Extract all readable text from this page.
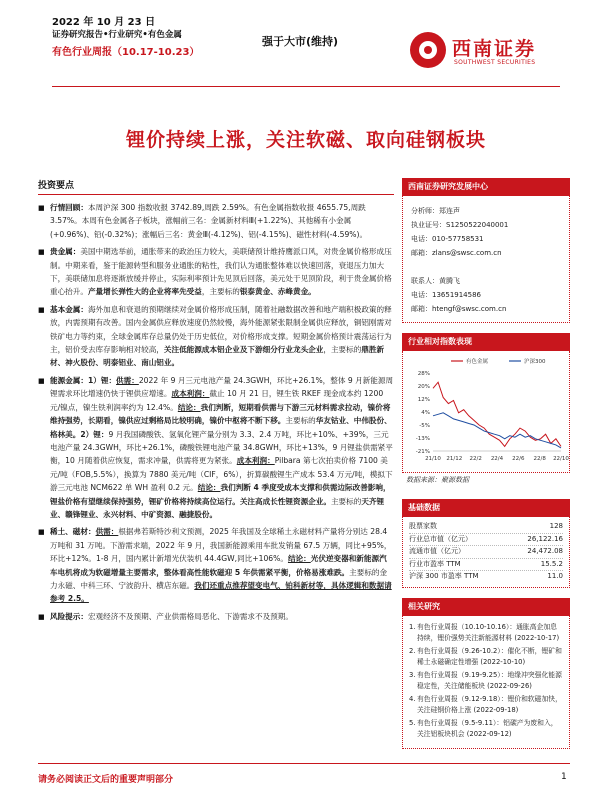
2022 年 10 月 23 日
证券研究报告•行业研究•有色金属
有色行业周报（10.17-10.23）
强于大市(维持)	西南证券
SOUTHWEST SECURITIES
锂价持续上涨，关注软磁、取向硅钢板块
投资要点
■ 行情回顾：本周沪深 300 指数收报 3742.89,周跌 2.59%。有色金属指数收报 4655.75,周跌 3.57%。本周有色金属各子板块，涨幅前三名：金属新材料Ⅲ(+1.22%)、其他稀有小金属(+0.96%)、铅(-0.32%)；涨幅后三名：黄金Ⅲ(-4.12%)、铝(-4.15%)、磁性材料(-4.59%)。
■ 贵金属：美国中期选举前，通胀带来的政治压力较大，美联储预计维持鹰派口风，对贵金属价格形成压制。中期来看，鉴于能源转型和服务业通胀的粘性，我们认为通胀整体难以快速回落，衰退压力加大下，美联储加息将逐渐放缓并停止，实际利率预计先见顶后回落，美元处于见顶阶段，利于贵金属价格重心抬升。产量增长弹性大的企业将率先受益，主要标的银泰黄金、赤峰黄金。
■ 基本金属：海外加息和衰退的预期继续对金属价格形成压制，随着社融数据改善和地产端积极政策的释放，内需预期有改善。国内金属供应释放速度仍然较慢，海外能源紧张限制金属供应释放，铜铝刚需对铁矿电力等约束，全球金属库存总量仍处于历史低位，对价格形成支撑。短期金属价格预计震荡运行为主，铝价受去库存影响相对较高，关注低能源成本铝企业及下游细分行业龙头企业，主要标的鼎胜新材、神火股份、明泰铝业、南山铝业。
■ 能源金属：1）锂：供需：2022 年 9 月三元电池产量 24.3GWH，环比+26.1%，整体 9 月新能源周锂需求环比增速仍快于锂供应增速。成本利润：截止 10 月 21 日，锂生铁 RKEF 现金成本约 1200 元/镍点，镍生铁利润率约为 12.4%。结论：我们判断，短期看供需与下游三元材料需求拉动，镍价将维持强势，长期看，镍供应过剩格局比较明确，镍价中枢将不断下移。主要标的华友钴业、中伟股份、格林美。2）锂：9 月我国磷酸铁、氢氧化锂产量分别为 3.3、2.4 万吨，环比+10%、+39%，三元电池产量 24.3GWH，环比+26.1%，磷酸铁锂电池产量 34.8GWH，环比+13%，9 月锂盐供需紧平衡，10 月随着供应恢复，需求冲量，供需将更为紧张。成本利润：Pilbara 第七次拍卖价格 7100 美元/吨（FOB,5.5%），换算为 7880 美元/吨（CIF，6%），折算碳酸锂生产成本 53.4 万元/吨，模拟下游三元电池 NCM622 单 WH 盈利 0.2 元。结论：我们判断 4 季度受成本支撑和供需边际改善影响，锂盐价格有望继续保持强势，锂矿价格将持续高位运行。关注高成长性锂资源企业。主要标的天齐锂业、赣锋锂业、永兴材料、中矿资源、融捷股份。
■ 稀土、磁材：供需：根据弗若斯特沙利文预测，2025 年我国及全球稀土永磁材料产量将分别达 28.4 万吨和 31 万吨。下游需求端，2022 年 9 月，我国新能源乘用车批发销量 67.5 万辆，同比+95%，环比+12%。1-8 月，国内累计新增光伏装机 44.4GW,同比+106%。结论：光伏逆变器和新能源汽车电机将成为软磁增量主要需求，整体看高性能软磁迎 5 年供需紧平衡，价格易涨难跌。主要标的金力永磁、中科三环、宁波韵升、横店东磁。我们还重点推荐望变电气、铂科新材等，具体逻辑和数据请参考 2.5。
■ 风险提示：宏观经济不及预期、产业供需格局恶化、下游需求不及预期。
西南证券研究发展中心
分析师：郑连声
执业证号：S1250522040001
电话：010-57758531
邮箱：zlans@swsc.com.cn
联系人：黄腾飞
电话：13651914586
邮箱：htengf@swsc.com.cn
行业相对指数表现
28%
20%
12%
4%
-5%
-13%
-21%
21/10 21/12 22/2 22/4 22/6 22/8 22/10
有色金属	沪深300
数据来源：聚源数据
基础数据
股票家数	128
行业总市值（亿元）	26,122.16
流通市值（亿元）	24,472.08
行业市盈率 TTM	15.5.2
沪深 300 市盈率 TTM	11.0
相关研究
1. 有色行业周报（10.10-10.16）：通胀高企加息持续，锂价强势关注新能源材料 (2022-10-17)
2. 有色行业周报（9.26-10.2）：催化不断，锂矿和稀土永磁确定性增强 (2022-10-10)
3. 有色行业周报（9.19-9.25）：地缘冲突强化能源稳定性，关注储能板块 (2022-09-26)
4. 有色行业周报（9.12-9.18）：锂价和软磁加快，关注硅钢价格上涨 (2022-09-18)
5. 有色行业周报（9.5-9.11）：铝碳产为废和入，关注铝板块机会 (2022-09-12)
请务必阅读正文后的重要声明部分	1
